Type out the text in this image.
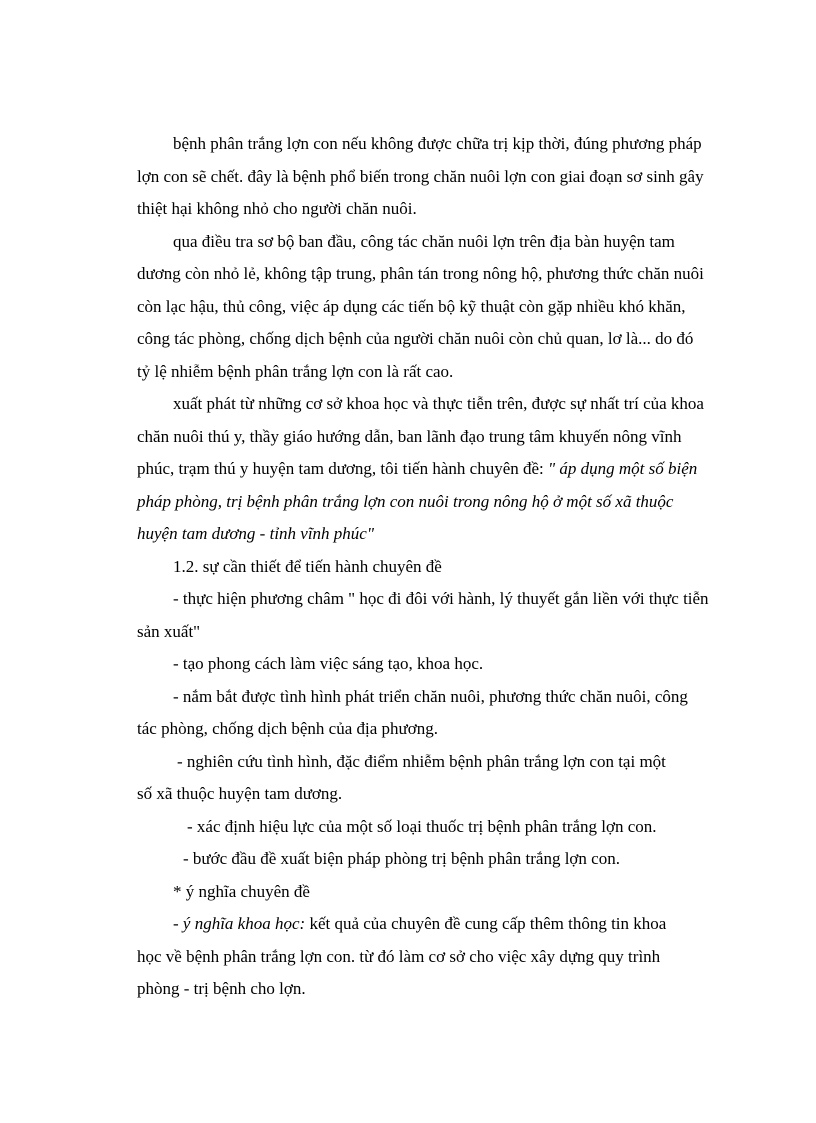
bệnh phân trắng lợn con nếu không được chữa trị kịp thời, đúng phương pháp
lợn con sẽ chết. đây là bệnh phổ biến trong chăn nuôi lợn con giai đoạn sơ sinh gây
thiệt hại không nhỏ cho người chăn nuôi.

qua điều tra sơ bộ ban đầu, công tác chăn nuôi lợn trên địa bàn huyện tam
dương còn nhỏ lẻ, không tập trung, phân tán trong nông hộ, phương thức chăn nuôi
còn lạc hậu, thủ công, việc áp dụng các tiến bộ kỹ thuật còn gặp nhiều khó khăn,
công tác phòng, chống dịch bệnh của người chăn nuôi còn chủ quan, lơ là... do đó
tỷ lệ nhiễm bệnh phân trắng lợn con là rất cao.

xuất phát từ những cơ sở khoa học và thực tiễn trên, được sự nhất trí của khoa
chăn nuôi thú y, thầy giáo hướng dẫn, ban lãnh đạo trung tâm khuyến nông vĩnh
phúc, trạm thú y huyện tam dương, tôi tiến hành chuyên đề: " áp dụng một số biện
pháp phòng, trị bệnh phân trắng lợn con nuôi trong nông hộ ở một số xã thuộc
huyện tam dương - tỉnh vĩnh phúc"

1.2. sự cần thiết để tiến hành chuyên đề

- thực hiện phương châm " học đi đôi với hành, lý thuyết gắn liền với thực tiễn
sản xuất"

- tạo phong cách làm việc sáng tạo, khoa học.

- nắm bắt được tình hình phát triển chăn nuôi, phương thức chăn nuôi, công
tác phòng, chống dịch bệnh của địa phương.

- nghiên cứu tình hình, đặc điểm nhiễm bệnh phân trắng lợn con tại một
số xã thuộc huyện tam dương.

- xác định hiệu lực của một số loại thuốc trị bệnh phân trắng lợn con.

- bước đầu đề xuất biện pháp phòng trị bệnh phân trắng lợn con.

* ý nghĩa chuyên đề

- ý nghĩa khoa học: kết quả của chuyên đề cung cấp thêm thông tin khoa
học về bệnh phân trắng lợn con. từ đó làm cơ sở cho việc xây dựng quy trình
phòng - trị bệnh cho lợn.
